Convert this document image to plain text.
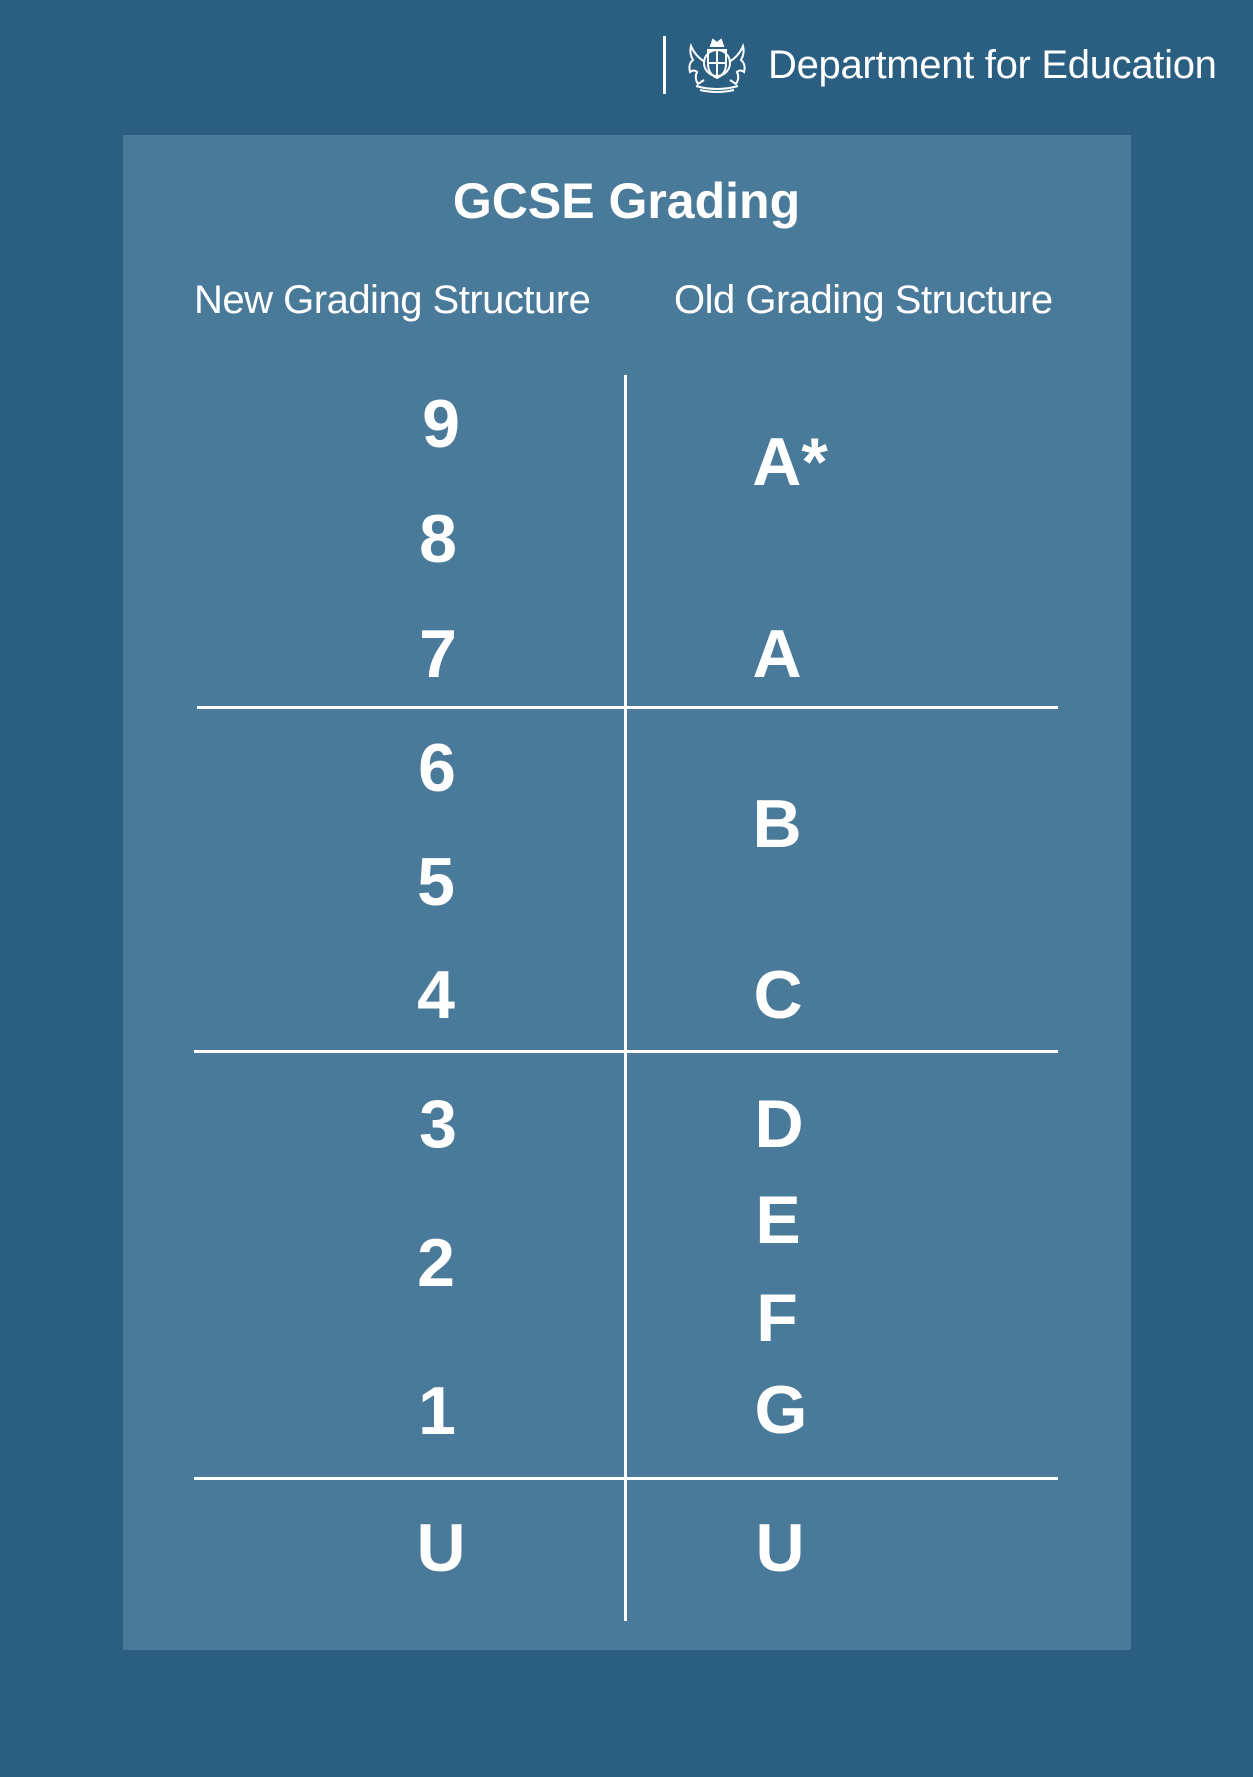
Department for Education
GCSE Grading
New Grading Structure Old Grading Structure
9
8
7
6
5
4
3
2
1
U
A*
A
B
C
D
E
F
G
U
